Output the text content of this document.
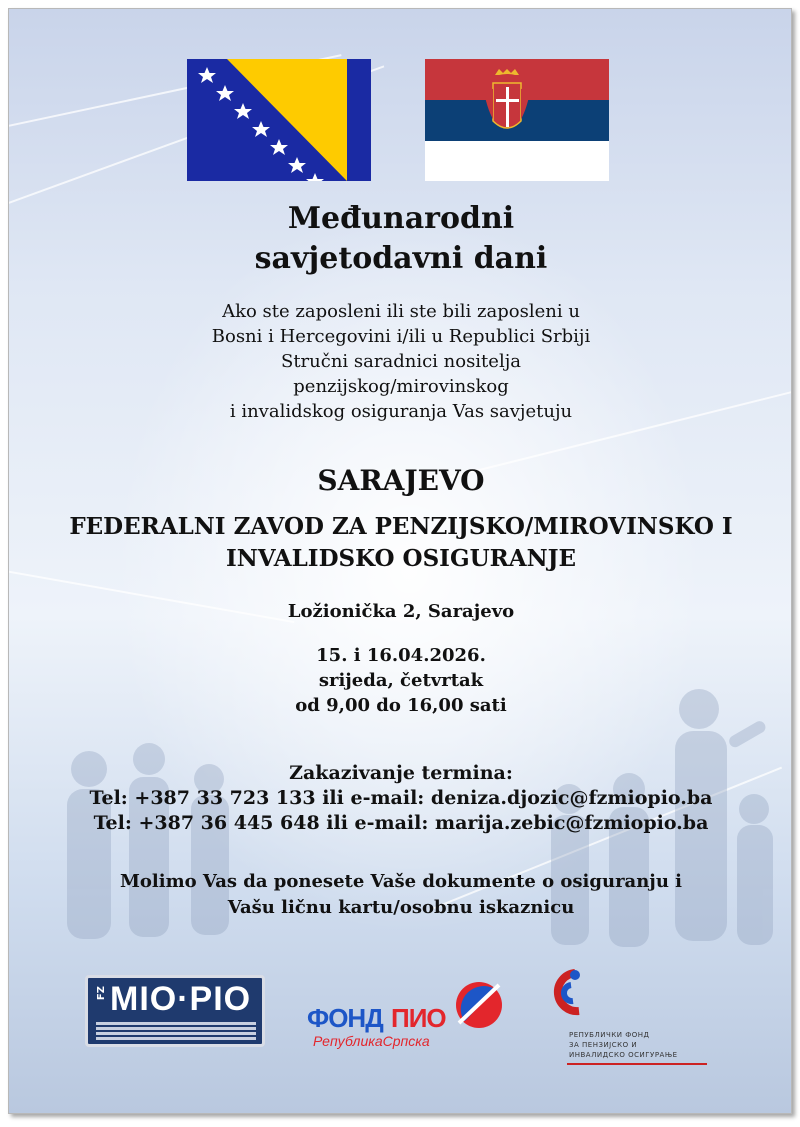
Međunarodni
savjetodavni dani

Ako ste zaposleni ili ste bili zaposleni u

Bosni i Hercegovini i/ili u Republici Srbiji

Stručni saradnici nositelja

penzijskog/mirovinskog

i invalidskog osiguranja Vas savjetuju

SARAJEVO
FEDERALNI ZAVOD ZA PENZIJSKO/MIROVINSKO I
INVALIDSKO OSIGURANJE
Ložionička 2, Sarajevo
15. i 16.04.2026.
srijeda, četvrtak
od 9,00 do 16,00 sati
Zakazivanje termina:
Tel: +387 33 723 133 ili e-mail: deniza.djozic@fzmiopio.ba
Tel: +387 36 445 648 ili e-mail: marija.zebic@fzmiopio.ba
Molimo Vas da ponesete Vaše dokumente o osiguranju i
Vašu ličnu kartu/osobnu iskaznicu
FZ MIO·PIO ФОНД ПИО
РепубликаСрпска	РЕПУБЛИЧКИ ФОНД
ЗА ПЕНЗИЈСКО И
ИНВАЛИДСКО ОСИГУРАЊЕ
